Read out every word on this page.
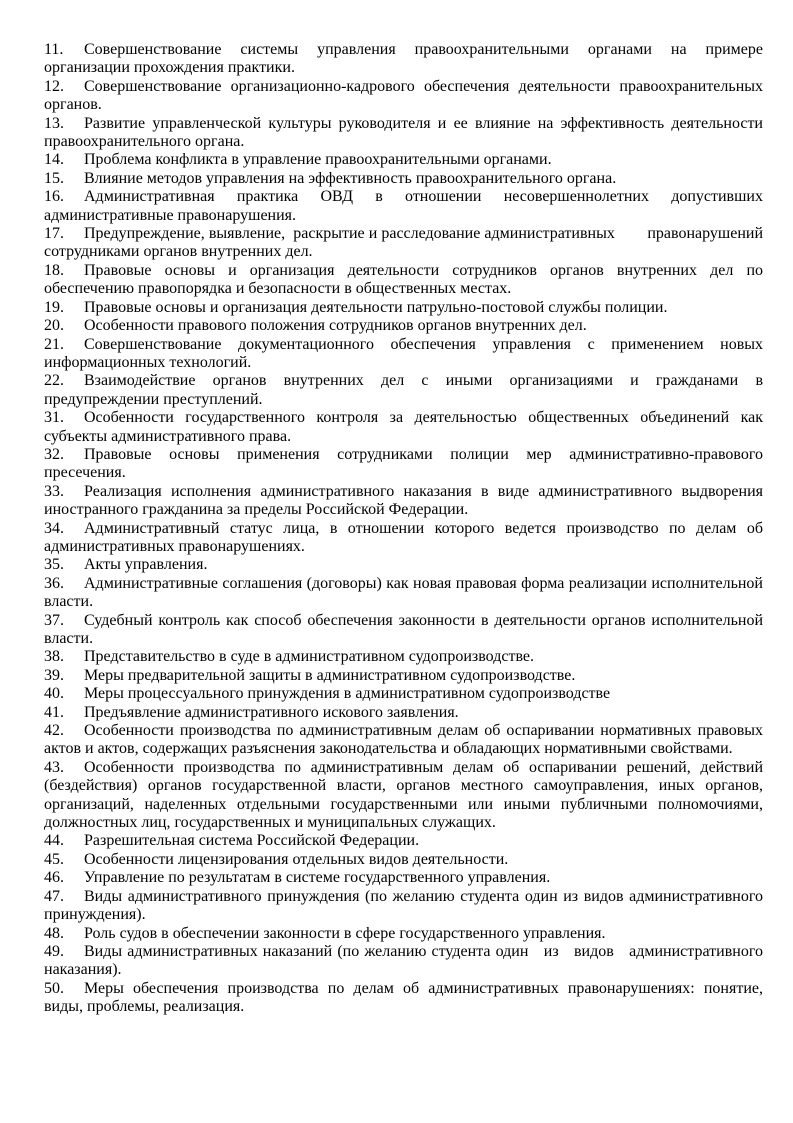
11. Совершенствование системы управления правоохранительными органами на примере организации прохождения практики.

12. Совершенствование организационно-кадрового обеспечения деятельности правоохранительных органов.

13. Развитие управленческой культуры руководителя и ее влияние на эффективность деятельности правоохранительного органа.

14. Проблема конфликта в управление правоохранительными органами.

15. Влияние методов управления на эффективность правоохранительного органа.

16. Административная практика ОВД в отношении несовершеннолетних допустивших административные правонарушения.

17. Предупреждение, выявление,  раскрытие и расследование административных        правонарушений сотрудниками органов внутренних дел.

18. Правовые основы и организация деятельности сотрудников органов внутренних дел по обеспечению правопорядка и безопасности в общественных местах.

19. Правовые основы и организация деятельности патрульно-постовой службы полиции.

20. Особенности правового положения сотрудников органов внутренних дел.

21. Совершенствование документационного обеспечения управления с применением новых информационных технологий.

22. Взаимодействие органов внутренних дел с иными организациями и гражданами в предупреждении преступлений.

31. Особенности государственного контроля за деятельностью общественных объединений как субъекты административного права.

32. Правовые основы применения сотрудниками полиции мер административно-правового пресечения.

33. Реализация исполнения административного наказания в виде административного выдворения иностранного гражданина за пределы Российской Федерации.

34. Административный статус лица, в отношении которого ведется производство по делам об административных правонарушениях.

35. Акты управления.

36. Административные соглашения (договоры) как новая правовая форма реализации исполнительной власти.

37. Судебный контроль как способ обеспечения законности в деятельности органов исполнительной власти.

38. Представительство в суде в административном судопроизводстве.

39. Меры предварительной защиты в административном судопроизводстве.

40. Меры процессуального принуждения в административном судопроизводстве

41. Предъявление административного искового заявления.

42. Особенности производства по административным делам об оспаривании нормативных правовых актов и актов, содержащих разъяснения законодательства и обладающих нормативными свойствами.

43. Особенности производства по административным делам об оспаривании решений, действий (бездействия) органов государственной власти, органов местного самоуправления, иных органов, организаций, наделенных отдельными государственными или иными публичными полномочиями, должностных лиц, государственных и муниципальных служащих.

44. Разрешительная система Российской Федерации.

45. Особенности лицензирования отдельных видов деятельности.

46. Управление по результатам в системе государственного управления.

47. Виды административного принуждения (по желанию студента один из видов административного принуждения).

48. Роль судов в обеспечении законности в сфере государственного управления.

49. Виды административных наказаний (по желанию студента один   из   видов   административного наказания).

50. Меры обеспечения производства по делам об административных правонарушениях: понятие, виды, проблемы, реализация.
